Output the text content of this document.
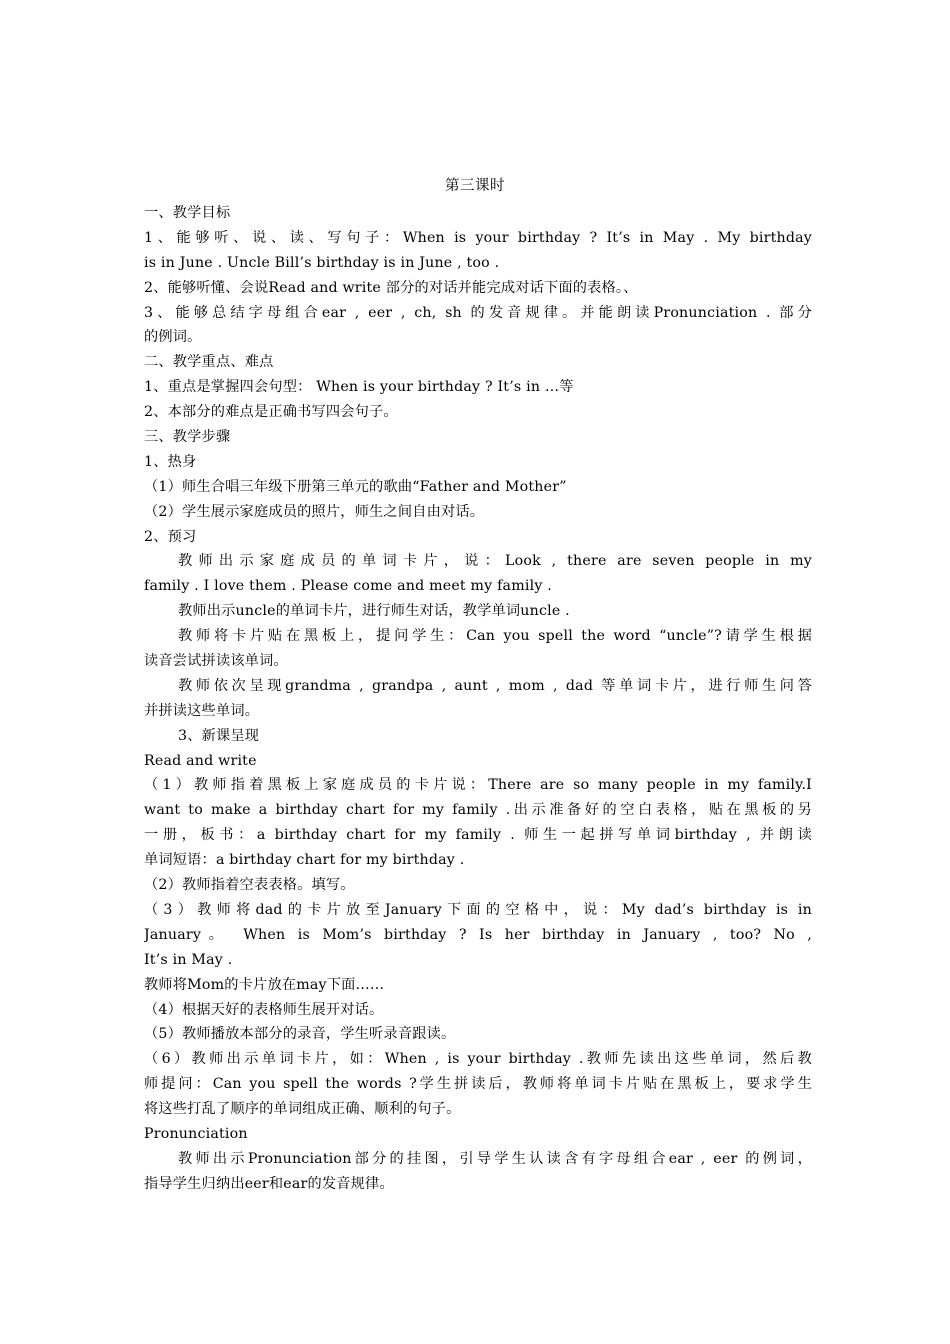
第三课时
一、教学目标
1、能够听、说、读、写句子：When is your birthday ? It’s in May . My birthday
is in June . Uncle Bill’s birthday is in June , too .
2、能够听懂、会说Read and write 部分的对话并能完成对话下面的表格。、
3、能够总结字母组合ear , eer , ch, sh 的发音规律。并能朗读Pronunciation . 部分
的例词。
二、教学重点、难点
1、重点是掌握四会句型： When is your birthday ? It’s in …等
2、本部分的难点是正确书写四会句子。
三、教学步骤
1、热身
（1）师生合唱三年级下册第三单元的歌曲“Father and Mother”
（2）学生展示家庭成员的照片，师生之间自由对话。
2、预习
教师出示家庭成员的单词卡片，说：Look , there are seven people in my
family . I love them . Please come and meet my family .
教师出示uncle的单词卡片，进行师生对话，教学单词uncle .
教师将卡片贴在黑板上，提问学生：Can you spell the word “uncle”?请学生根据
读音尝试拼读该单词。
教师依次呈现grandma , grandpa , aunt , mom , dad 等单词卡片，进行师生问答
并拼读这些单词。
3、新课呈现
Read and write
（1）教师指着黑板上家庭成员的卡片说：There are so many people in my family.I
want to make a birthday chart for my family .出示准备好的空白表格，贴在黑板的另
一册，板书：a birthday chart for my family . 师生一起拼写单词birthday , 并朗读
单词短语：a birthday chart for my birthday .
（2）教师指着空表表格。填写。
（3）教师将dad的卡片放至January下面的空格中，说：My dad’s birthday is in
January。 When is Mom’s birthday ? Is her birthday in January , too? No ,
It’s in May .
教师将Mom的卡片放在may下面……
（4）根据天好的表格师生展开对话。
（5）教师播放本部分的录音，学生听录音跟读。
（6）教师出示单词卡片，如：When , is your birthday .教师先读出这些单词，然后教
师提问：Can you spell the words ?学生拼读后，教师将单词卡片贴在黑板上，要求学生
将这些打乱了顺序的单词组成正确、顺利的句子。
Pronunciation
教师出示Pronunciation部分的挂图，引导学生认读含有字母组合ear , eer 的例词，
指导学生归纳出eer和ear的发音规律。
